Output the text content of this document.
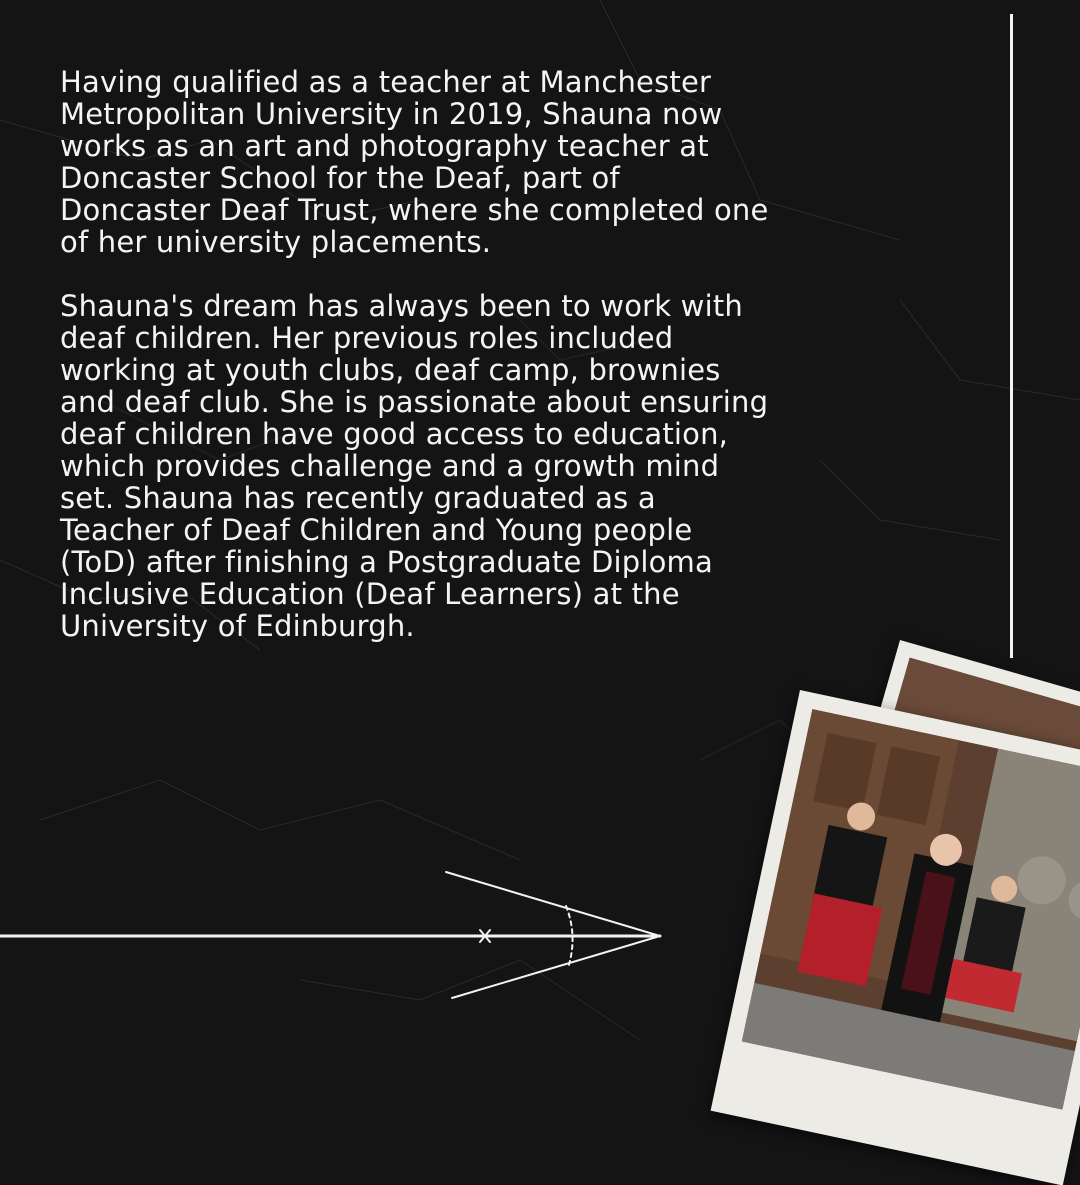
Having qualified as a teacher at Manchester
Metropolitan University in 2019, Shauna now
works as an art and photography teacher at
Doncaster School for the Deaf, part of
Doncaster Deaf Trust, where she completed one
of her university placements.

Shauna's dream has always been to work with
deaf children. Her previous roles included
working at youth clubs, deaf camp, brownies
and deaf club. She is passionate about ensuring
deaf children have good access to education,
which provides challenge and a growth mind
set. Shauna has recently graduated as a
Teacher of Deaf Children and Young people
(ToD) after finishing a Postgraduate Diploma
Inclusive Education (Deaf Learners) at the
University of Edinburgh.
